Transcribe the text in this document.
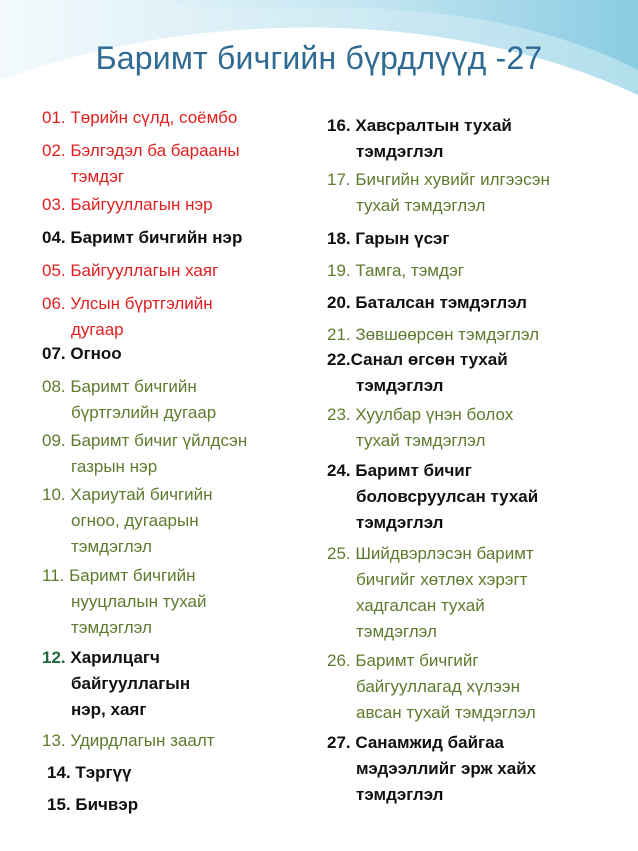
Баримт бичгийн бүрдлүүд -27
01. Төрийн сүлд, соёмбо
02. Бэлгэдэл ба барааны
тэмдэг
03. Байгууллагын нэр
04. Баримт бичгийн нэр
05. Байгууллагын хаяг
06. Улсын бүртгэлийн
дугаар
07. Огноо
08. Баримт бичгийн
бүртгэлийн дугаар
09. Баримт бичиг үйлдсэн
газрын нэр
10. Хариутай бичгийн
огноо, дугаарын
тэмдэглэл
11. Баримт бичгийн
нууцлалын тухай
тэмдэглэл
12. Харилцагч
байгууллагын
нэр, хаяг
13. Удирдлагын заалт
14. Тэргүү
15. Бичвэр
16. Хавсралтын тухай
тэмдэглэл
17. Бичгийн хувийг илгээсэн
тухай тэмдэглэл
18. Гарын үсэг
19. Тамга, тэмдэг
20. Баталсан тэмдэглэл
21. Зөвшөөрсөн тэмдэглэл
22.Санал өгсөн тухай
тэмдэглэл
23. Хуулбар үнэн болох
тухай тэмдэглэл
24. Баримт бичиг
боловсруулсан тухай
тэмдэглэл
25. Шийдвэрлэсэн баримт
бичгийг хөтлөх хэрэгт
хадгалсан тухай
тэмдэглэл
26. Баримт бичгийг
байгууллагад хүлээн
авсан тухай тэмдэглэл
27. Санамжид байгаа
мэдээллийг эрж хайх
тэмдэглэл
